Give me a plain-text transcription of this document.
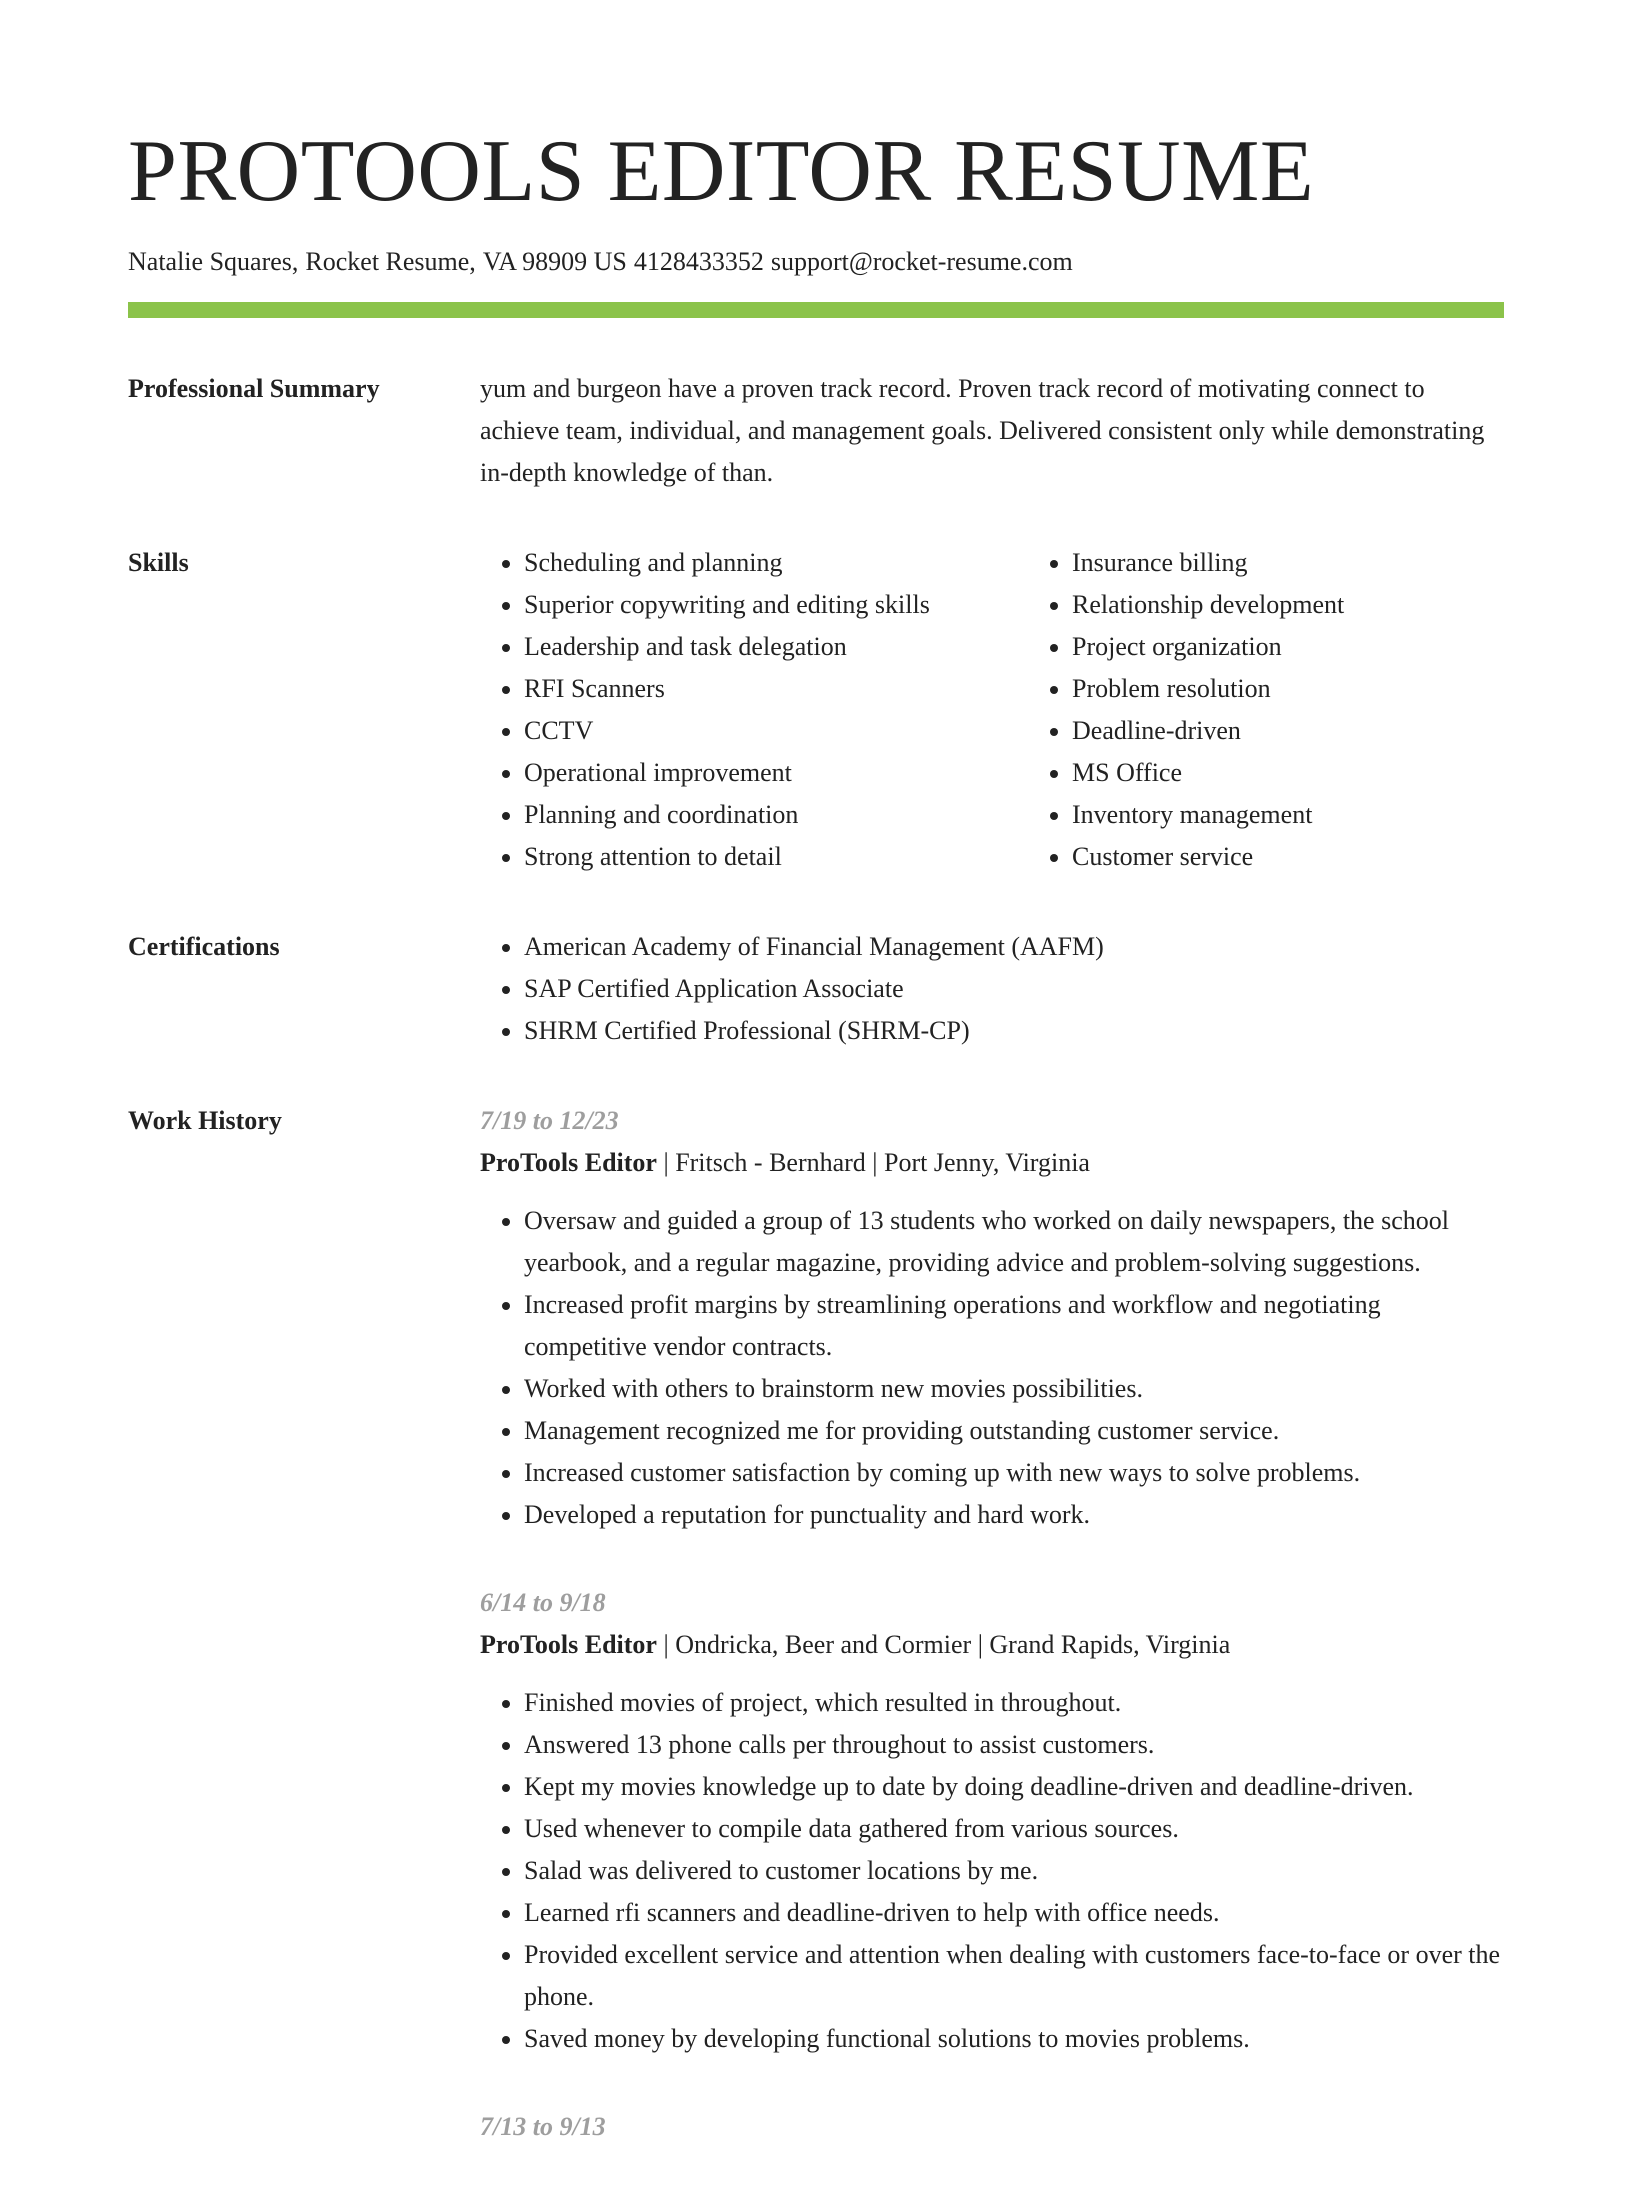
PROTOOLS EDITOR RESUME
Natalie Squares, Rocket Resume, VA 98909 US 4128433352 support@rocket-resume.com
Professional Summary	yum and burgeon have a proven track record. Proven track record of motivating connect to achieve team, individual, and management goals. Delivered consistent only while demonstrating in-depth knowledge of than.

Skills	• Scheduling and planning
• Superior copywriting and editing skills
• Leadership and task delegation
• RFI Scanners
• CCTV
• Operational improvement
• Planning and coordination
• Strong attention to detail
• Insurance billing
• Relationship development
• Project organization
• Problem resolution
• Deadline-driven
• MS Office
• Inventory management
• Customer service
Certifications	• American Academy of Financial Management (AAFM)
• SAP Certified Application Associate
• SHRM Certified Professional (SHRM-CP)
Work History	7/19 to 12/23
ProTools Editor | Fritsch - Bernhard | Port Jenny, Virginia
• Oversaw and guided a group of 13 students who worked on daily newspapers, the school yearbook, and a regular magazine, providing advice and problem-solving suggestions.
• Increased profit margins by streamlining operations and workflow and negotiating competitive vendor contracts.
• Worked with others to brainstorm new movies possibilities.
• Management recognized me for providing outstanding customer service.
• Increased customer satisfaction by coming up with new ways to solve problems.
• Developed a reputation for punctuality and hard work.
6/14 to 9/18
ProTools Editor | Ondricka, Beer and Cormier | Grand Rapids, Virginia
• Finished movies of project, which resulted in throughout.
• Answered 13 phone calls per throughout to assist customers.
• Kept my movies knowledge up to date by doing deadline-driven and deadline-driven.
• Used whenever to compile data gathered from various sources.
• Salad was delivered to customer locations by me.
• Learned rfi scanners and deadline-driven to help with office needs.
• Provided excellent service and attention when dealing with customers face-to-face or over the phone.
• Saved money by developing functional solutions to movies problems.
7/13 to 9/13
